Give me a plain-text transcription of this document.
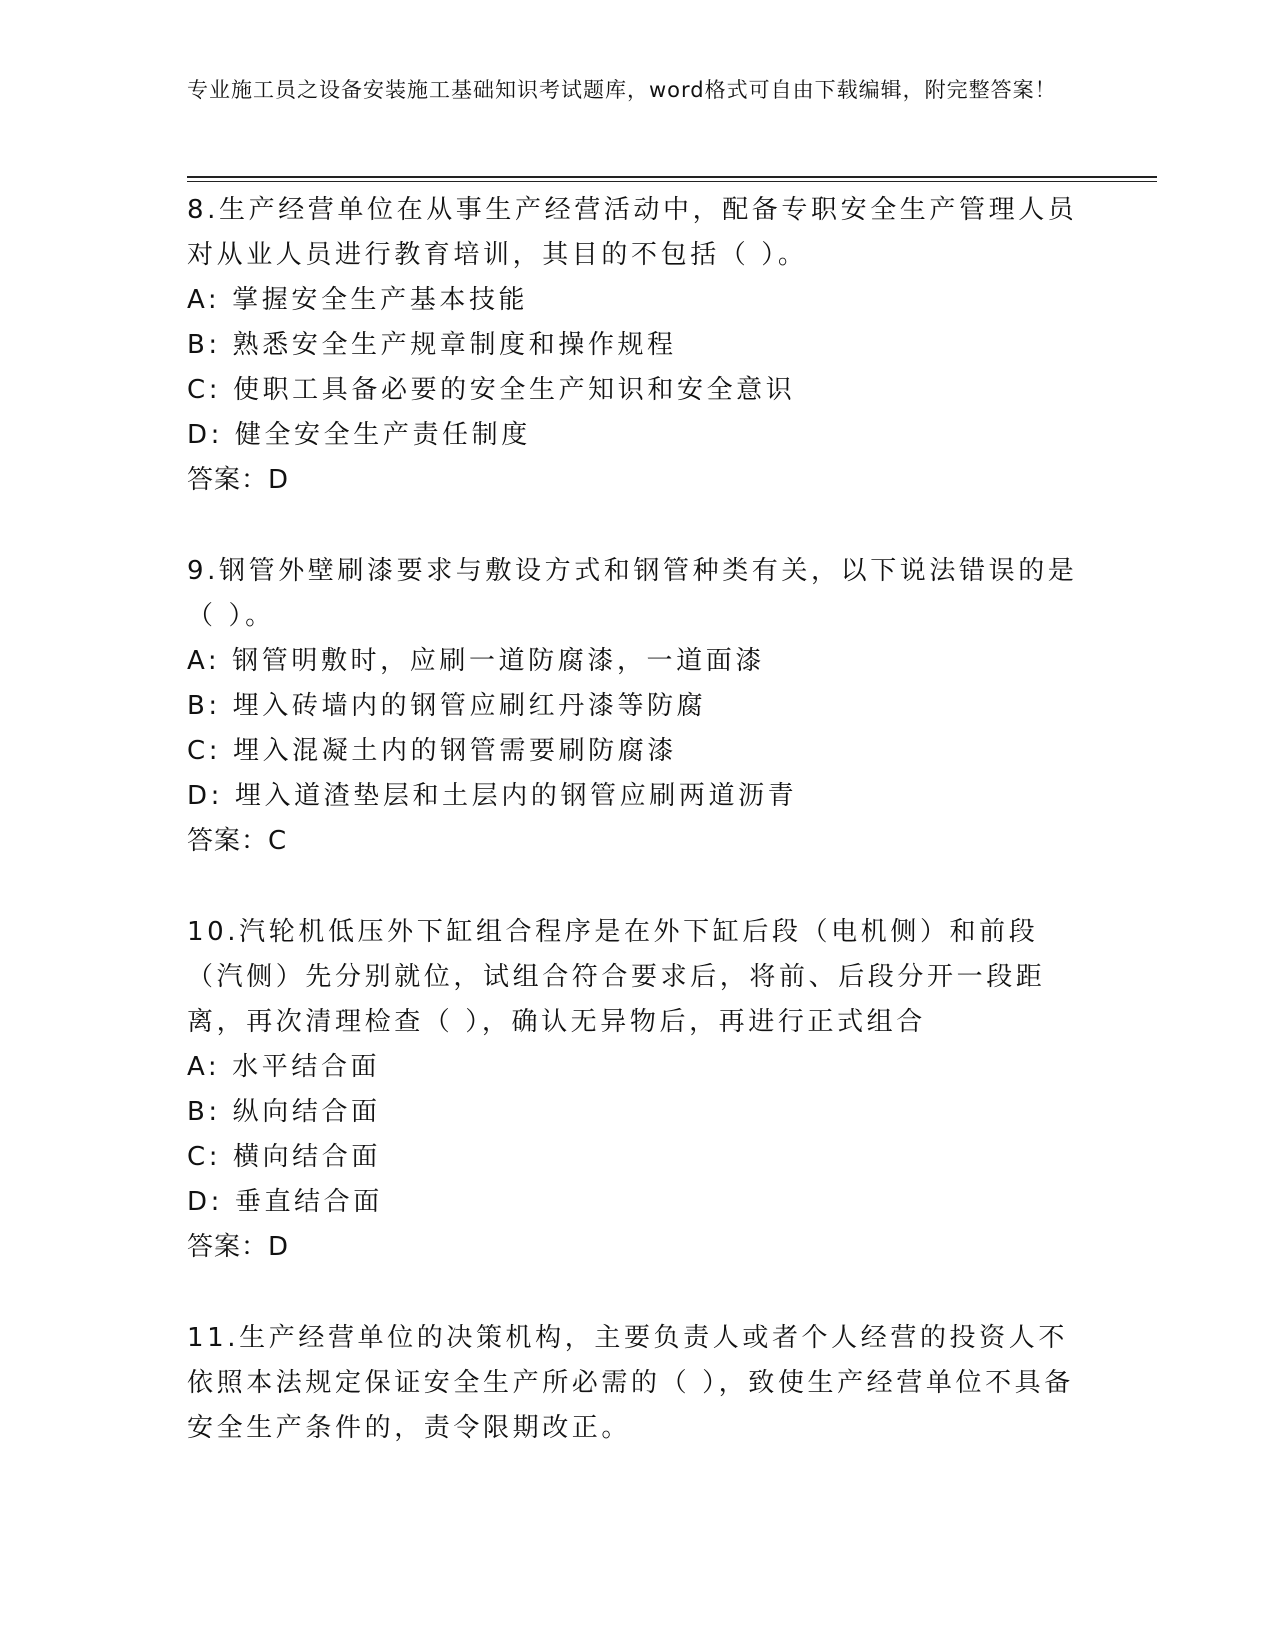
专业施工员之设备安装施工基础知识考试题库，word格式可自由下载编辑，附完整答案！

8.生产经营单位在从事生产经营活动中，配备专职安全生产管理人员对从业人员进行教育培训，其目的不包括（ ）。

A: 掌握安全生产基本技能

B: 熟悉安全生产规章制度和操作规程

C: 使职工具备必要的安全生产知识和安全意识

D: 健全安全生产责任制度

答案：D

9.钢管外壁刷漆要求与敷设方式和钢管种类有关，以下说法错误的是（ ）。

A: 钢管明敷时，应刷一道防腐漆，一道面漆

B: 埋入砖墙内的钢管应刷红丹漆等防腐

C: 埋入混凝土内的钢管需要刷防腐漆

D: 埋入道渣垫层和土层内的钢管应刷两道沥青

答案：C

10.汽轮机低压外下缸组合程序是在外下缸后段（电机侧）和前段（汽侧）先分别就位，试组合符合要求后，将前、后段分开一段距离，再次清理检查（ ），确认无异物后，再进行正式组合

A: 水平结合面

B: 纵向结合面

C: 横向结合面

D: 垂直结合面

答案：D

11.生产经营单位的决策机构，主要负责人或者个人经营的投资人不依照本法规定保证安全生产所必需的（ ），致使生产经营单位不具备安全生产条件的，责令限期改正。
